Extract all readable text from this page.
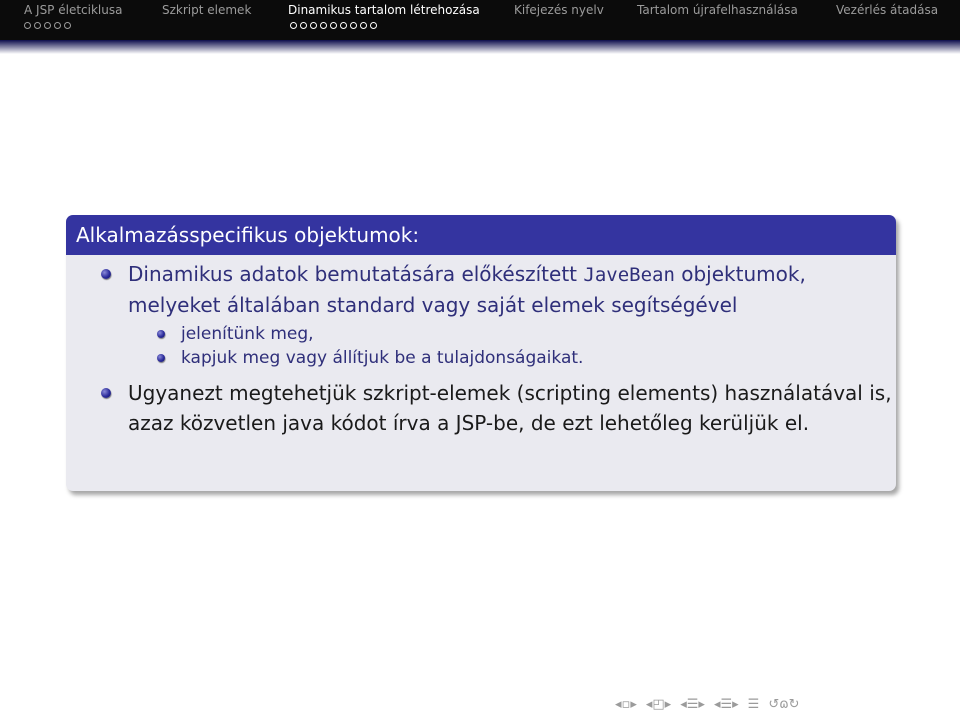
A JSP életciklusa	Szkript elemek	Dinamikus tartalom létrehozása	Kifejezés nyelv	Tartalom újrafelhasználása	Vezérlés átadása
Alkalmazásspecifikus objektumok:
Dinamikus adatok bemutatására előkészített JaveBean objektumok, melyeket általában standard vagy saját elemek segítségével
jelenítünk meg,
kapjuk meg vagy állítjuk be a tulajdonságaikat.
Ugyanezt megtehetjük szkript-elemek (scripting elements) használatával is, azaz közvetlen java kódot írva a JSP-be, de ezt lehetőleg kerüljük el.
◂▫▸ ◂◰▸ ◂☰▸ ◂☰▸ ☰ ↺ɷ↻
